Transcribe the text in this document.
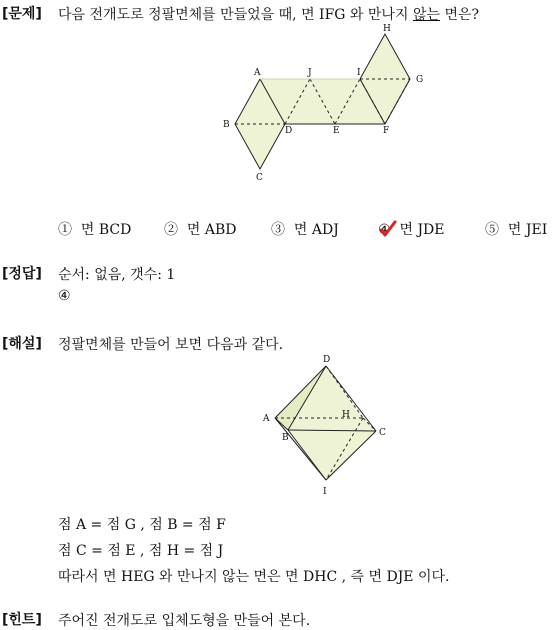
[문제] 다음 전개도로 정팔면체를 만들었을 때, 면 IFG 와 만나지 않는 면은?
A	J	I
H
G
B
D	E	F
C
① 면 BCD ② 면 ABD ③ 면 ADJ	④ 면 JDE	⑤ 면 JEI
[정답] 순서: 없음, 갯수: 1
④
[해설] 정팔면체를 만들어 보면 다음과 같다.
D
A	H
B	C
I
점 A = 점 G , 점 B = 점 F
점 C = 점 E , 점 H = 점 J
따라서 면 HEG 와 만나지 않는 면은 면 DHC , 즉 면 DJE 이다.
[힌트] 주어진 전개도로 입체도형을 만들어 본다.
